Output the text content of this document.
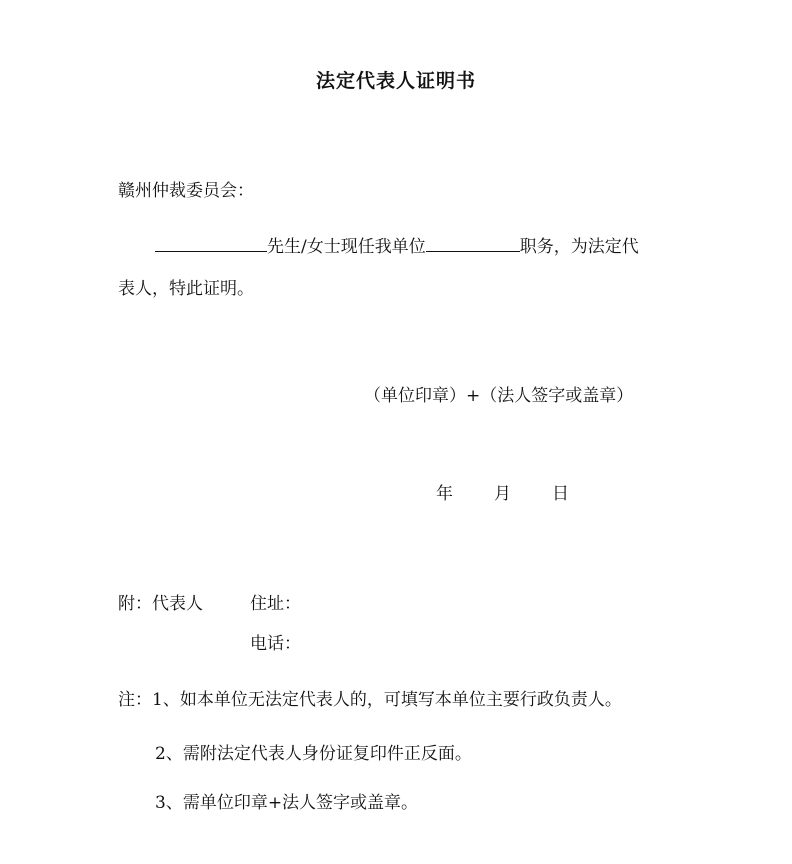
法定代表人证明书
赣州仲裁委员会：
先生/女士现任我单位	职务，为法定代
表人，特此证明。
（单位印章）+（法人签字或盖章）
年 月 日
附：代表人	住址：
电话：
注：1、如本单位无法定代表人的，可填写本单位主要行政负责人。
2、需附法定代表人身份证复印件正反面。
3、需单位印章+法人签字或盖章。
